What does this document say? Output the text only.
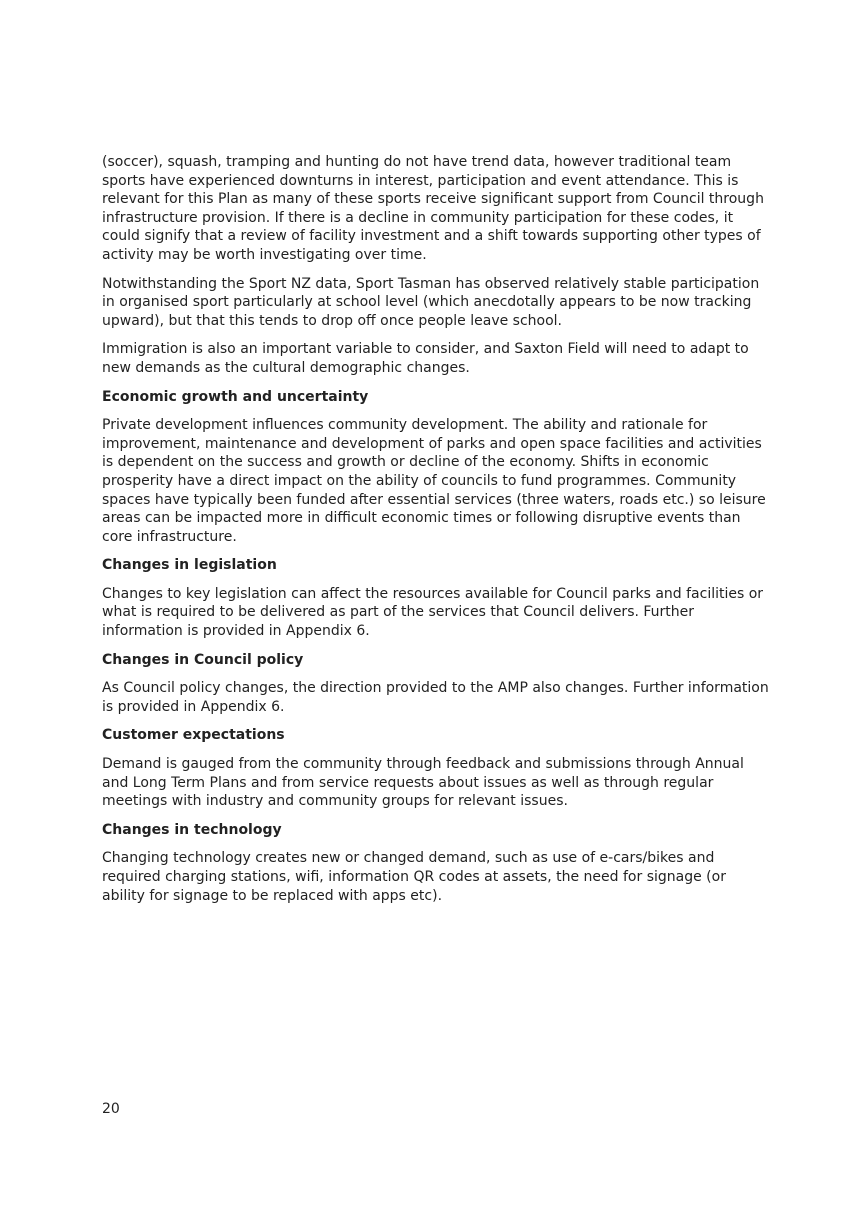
(soccer), squash, tramping and hunting do not have trend data, however traditional team sports have experienced downturns in interest, participation and event attendance. This is relevant for this Plan as many of these sports receive significant support from Council through infrastructure provision. If there is a decline in community participation for these codes, it could signify that a review of facility investment and a shift towards supporting other types of activity may be worth investigating over time.

Notwithstanding the Sport NZ data, Sport Tasman has observed relatively stable participation in organised sport particularly at school level (which anecdotally appears to be now tracking upward), but that this tends to drop off once people leave school.

Immigration is also an important variable to consider, and Saxton Field will need to adapt to new demands as the cultural demographic changes.

Economic growth and uncertainty

Private development influences community development. The ability and rationale for improvement, maintenance and development of parks and open space facilities and activities is dependent on the success and growth or decline of the economy. Shifts in economic prosperity have a direct impact on the ability of councils to fund programmes. Community spaces have typically been funded after essential services (three waters, roads etc.) so leisure areas can be impacted more in difficult economic times or following disruptive events than core infrastructure.

Changes in legislation

Changes to key legislation can affect the resources available for Council parks and facilities or what is required to be delivered as part of the services that Council delivers. Further information is provided in Appendix 6.

Changes in Council policy

As Council policy changes, the direction provided to the AMP also changes. Further information is provided in Appendix 6.

Customer expectations

Demand is gauged from the community through feedback and submissions through Annual and Long Term Plans and from service requests about issues as well as through regular meetings with industry and community groups for relevant issues.

Changes in technology

Changing technology creates new or changed demand, such as use of e-cars/bikes and required charging stations, wifi, information QR codes at assets, the need for signage (or ability for signage to be replaced with apps etc).

20
